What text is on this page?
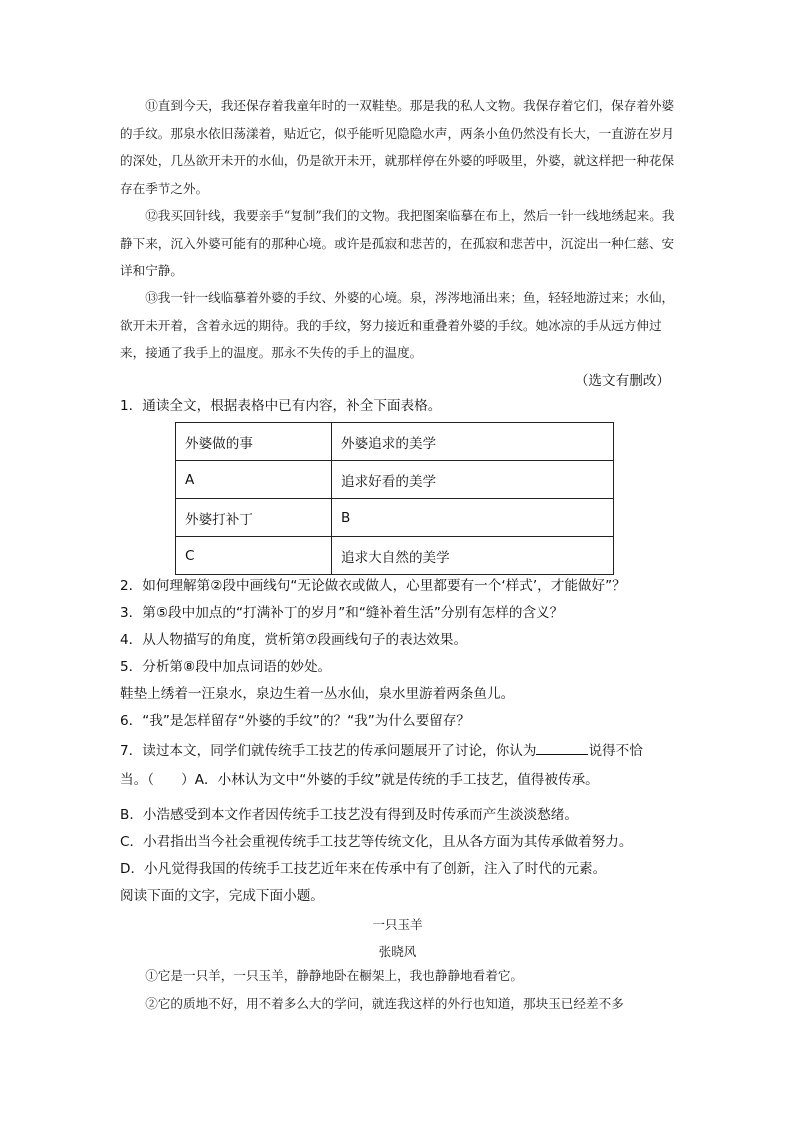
⑪直到今天，我还保存着我童年时的一双鞋垫。那是我的私人文物。我保存着它们，保存着外婆的手纹。那泉水依旧荡漾着，贴近它，似乎能听见隐隐水声，两条小鱼仍然没有长大，一直游在岁月的深处，几丛欲开未开的水仙，仍是欲开未开，就那样停在外婆的呼吸里，外婆，就这样把一种花保存在季节之外。

⑫我买回针线，我要亲手“复制”我们的文物。我把图案临摹在布上，然后一针一线地绣起来。我静下来，沉入外婆可能有的那种心境。或许是孤寂和悲苦的，在孤寂和悲苦中，沉淀出一种仁慈、安详和宁静。

⑬我一针一线临摹着外婆的手纹、外婆的心境。泉，涔涔地涌出来；鱼，轻轻地游过来；水仙，欲开未开着，含着永远的期待。我的手纹，努力接近和重叠着外婆的手纹。她冰凉的手从远方伸过来，接通了我手上的温度。那永不失传的手上的温度。

（选文有删改）

1．通读全文，根据表格中已有内容，补全下面表格。

外婆做的事	外婆追求的美学
A	追求好看的美学
外婆打补丁	B
C	追求大自然的美学

2．如何理解第②段中画线句“无论做衣或做人，心里都要有一个‘样式’，才能做好”？

3．第⑤段中加点的“打满补丁的岁月”和“缝补着生活”分别有怎样的含义？

4．从人物描写的角度，赏析第⑦段画线句子的表达效果。

5．分析第⑧段中加点词语的妙处。

鞋垫上绣着一汪泉水，泉边生着一丛水仙，泉水里游着两条鱼儿。

6．“我”是怎样留存“外婆的手纹”的？“我”为什么要留存？

7．读过本文，同学们就传统手工技艺的传承问题展开了讨论，你认为	说得不恰

当。（　　）A．小林认为文中“外婆的手纹”就是传统的手工技艺，值得被传承。

B．小浩感受到本文作者因传统手工技艺没有得到及时传承而产生淡淡愁绪。

C．小君指出当今社会重视传统手工技艺等传统文化，且从各方面为其传承做着努力。

D．小凡觉得我国的传统手工技艺近年来在传承中有了创新，注入了时代的元素。

阅读下面的文字，完成下面小题。

一只玉羊
张晓风

①它是一只羊，一只玉羊，静静地卧在橱架上，我也静静地看着它。

②它的质地不好，用不着多么大的学问，就连我这样的外行也知道，那块玉已经差不多
